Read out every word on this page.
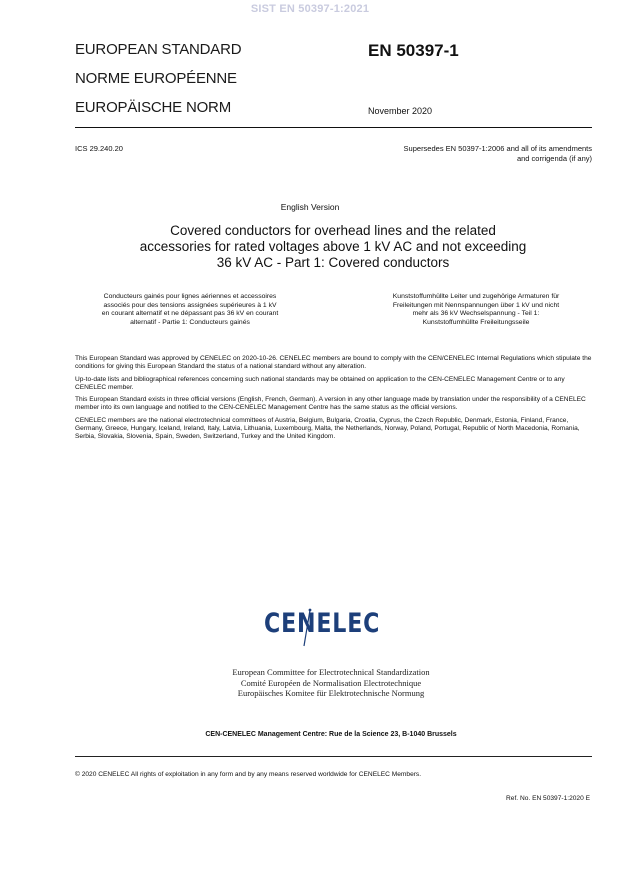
SIST EN 50397-1:2021
EUROPEAN STANDARD
NORME EUROPÉENNE
EUROPÄISCHE NORM
EN 50397-1
November 2020
ICS 29.240.20	Supersedes EN 50397-1:2006 and all of its amendments
and corrigenda (if any)
English Version
Covered conductors for overhead lines and the related
accessories for rated voltages above 1 kV AC and not exceeding
36 kV AC - Part 1: Covered conductors
Conducteurs gainés pour lignes aériennes et accessoires
associés pour des tensions assignées supérieures à 1 kV
en courant alternatif et ne dépassant pas 36 kV en courant
alternatif - Partie 1: Conducteurs gainés
Kunststoffumhüllte Leiter und zugehörige Armaturen für
Freileitungen mit Nennspannungen über 1 kV und nicht
mehr als 36 kV Wechselspannung - Teil 1:
Kunststoffumhüllte Freileitungsseile

This European Standard was approved by CENELEC on 2020-10-26. CENELEC members are bound to comply with the CEN/CENELEC Internal Regulations which stipulate the conditions for giving this European Standard the status of a national standard without any alteration.

Up-to-date lists and bibliographical references concerning such national standards may be obtained on application to the CEN-CENELEC Management Centre or to any CENELEC member.

This European Standard exists in three official versions (English, French, German). A version in any other language made by translation under the responsibility of a CENELEC member into its own language and notified to the CEN-CENELEC Management Centre has the same status as the official versions.

CENELEC members are the national electrotechnical committees of Austria, Belgium, Bulgaria, Croatia, Cyprus, the Czech Republic, Denmark, Estonia, Finland, France, Germany, Greece, Hungary, Iceland, Ireland, Italy, Latvia, Lithuania, Luxembourg, Malta, the Netherlands, Norway, Poland, Portugal, Republic of North Macedonia, Romania, Serbia, Slovakia, Slovenia, Spain, Sweden, Switzerland, Turkey and the United Kingdom.

CENELEC
European Committee for Electrotechnical Standardization
Comité Européen de Normalisation Electrotechnique
Europäisches Komitee für Elektrotechnische Normung
CEN-CENELEC Management Centre: Rue de la Science 23, B-1040 Brussels
© 2020 CENELEC All rights of exploitation in any form and by any means reserved worldwide for CENELEC Members.
Ref. No. EN 50397-1:2020 E
